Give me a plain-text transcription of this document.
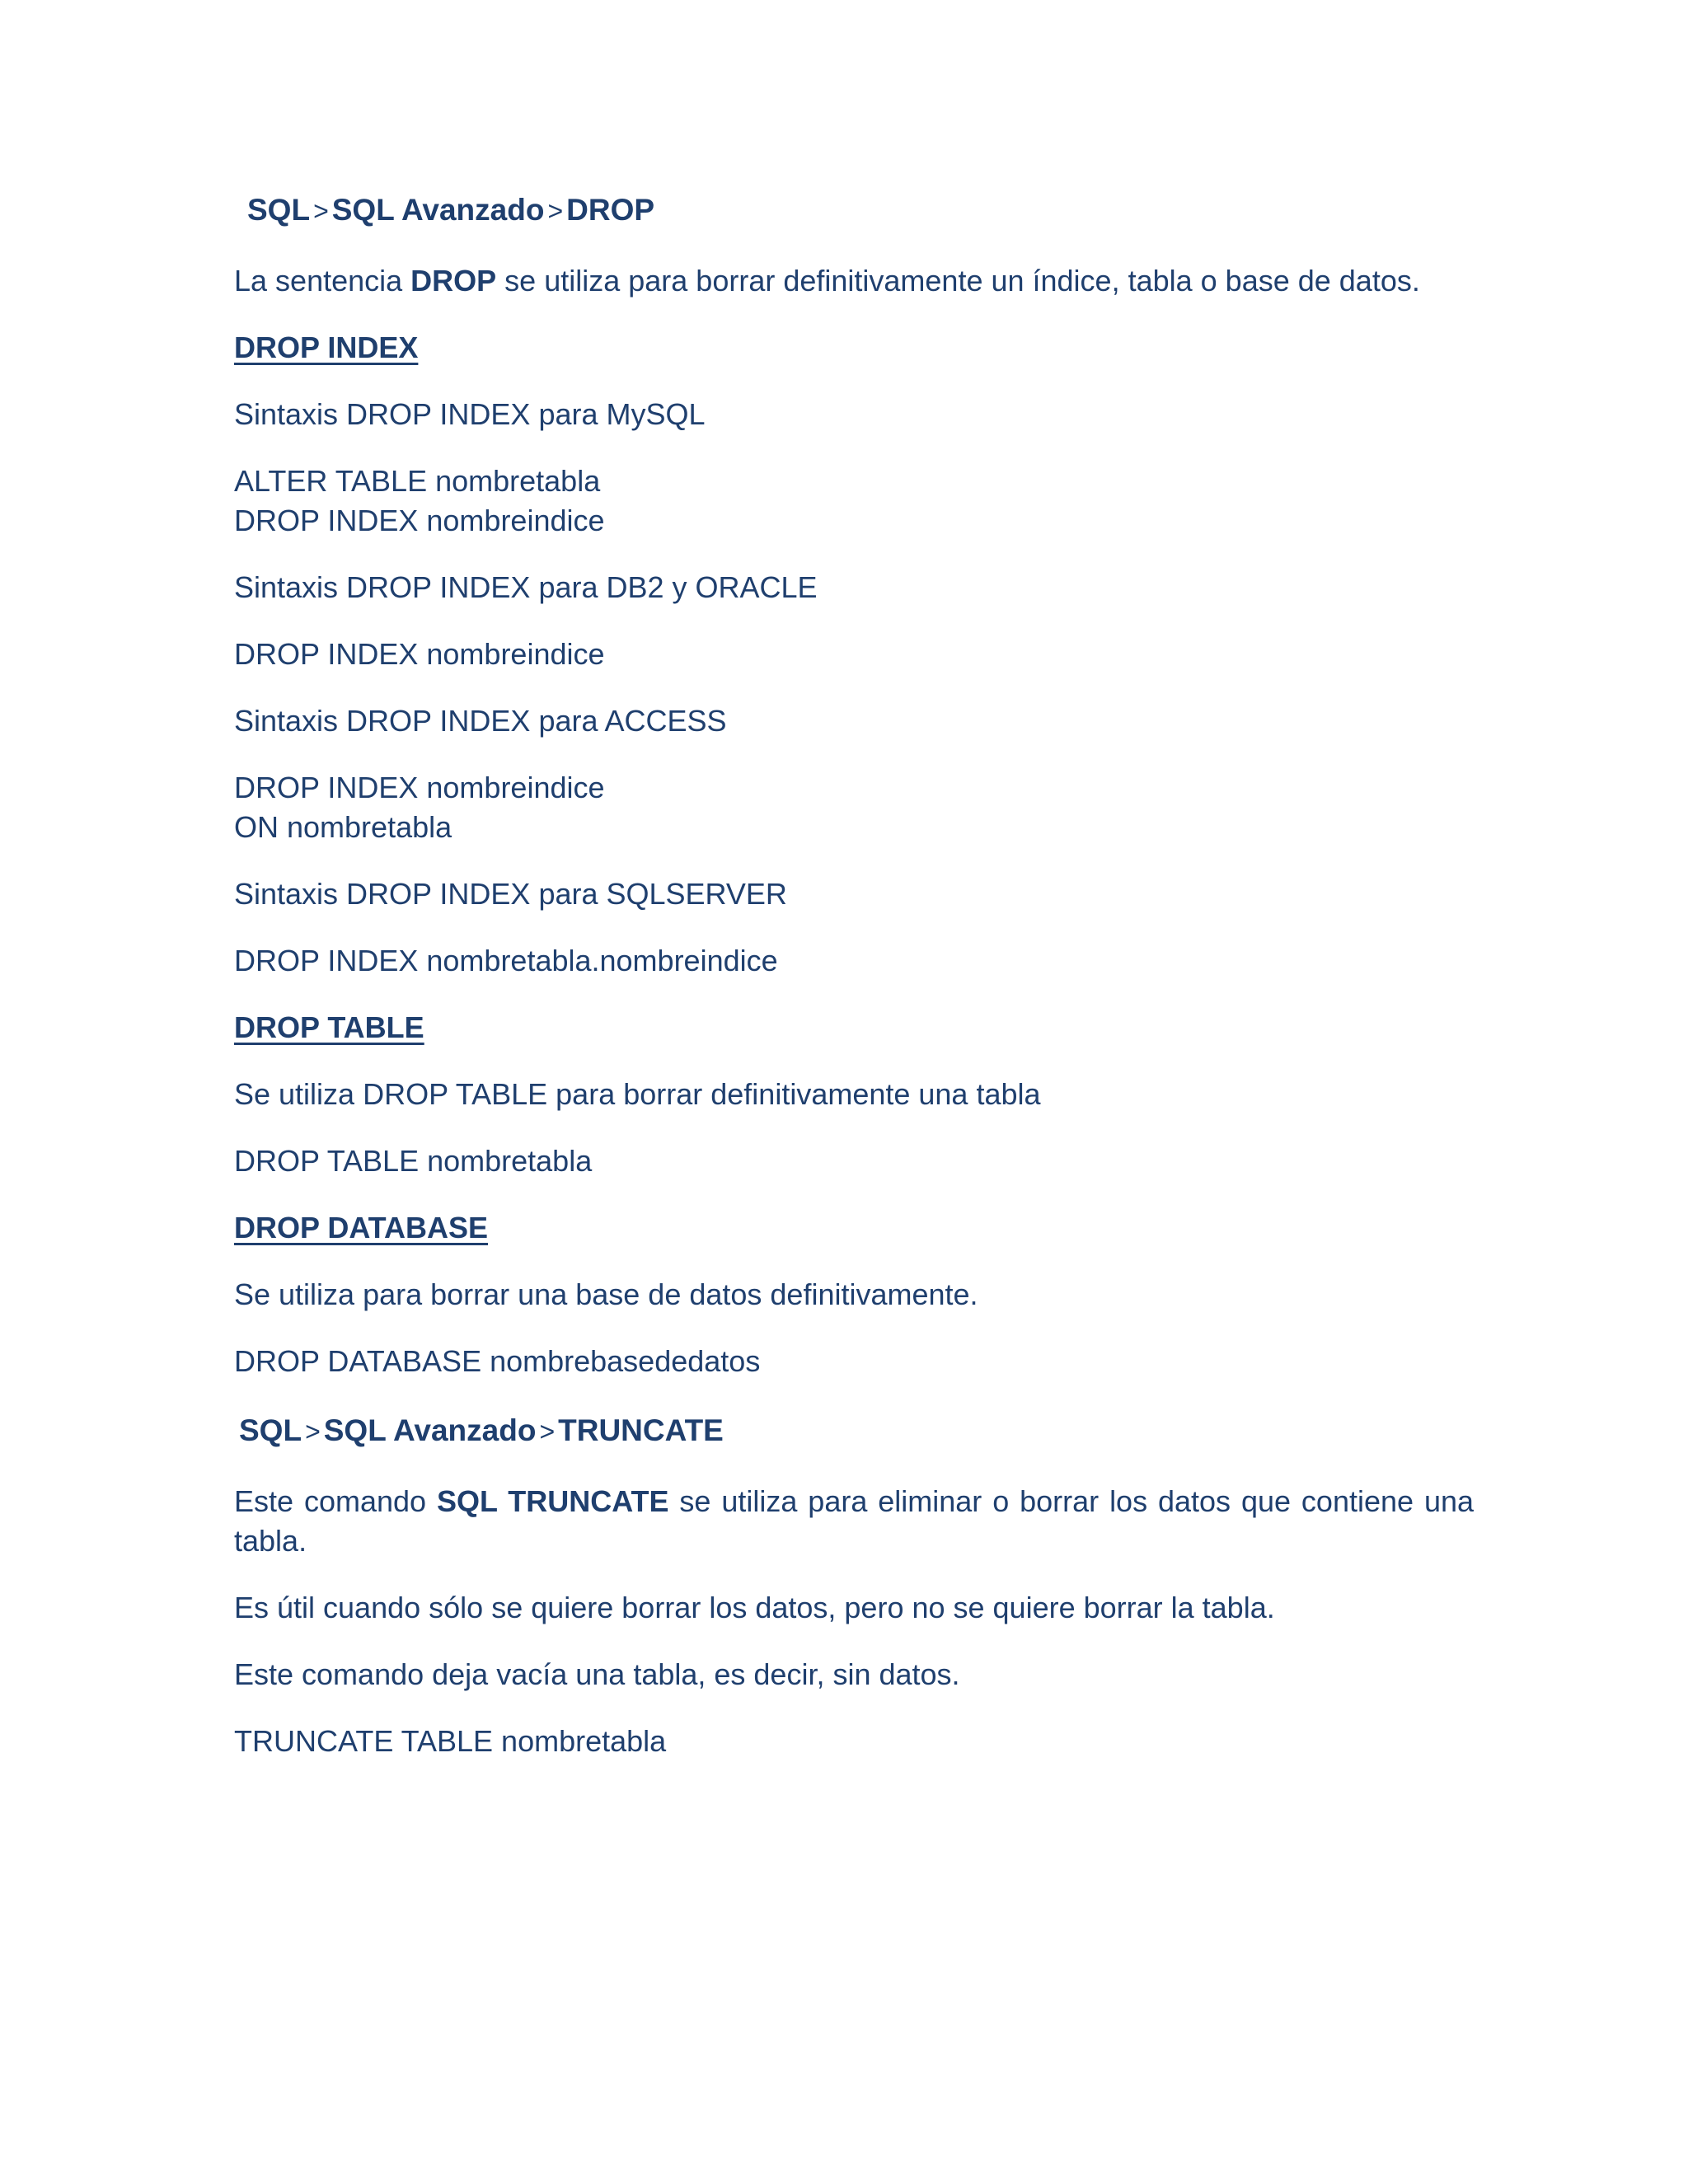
SQL > SQL Avanzado > DROP

La sentencia DROP se utiliza para borrar definitivamente un índice, tabla o base de datos.

DROP INDEX

Sintaxis DROP INDEX para MySQL

ALTER TABLE nombretabla

DROP INDEX nombreindice

Sintaxis DROP INDEX para DB2 y ORACLE

DROP INDEX nombreindice

Sintaxis DROP INDEX para ACCESS

DROP INDEX nombreindice

ON nombretabla

Sintaxis DROP INDEX para SQLSERVER

DROP INDEX nombretabla.nombreindice

DROP TABLE

Se utiliza DROP TABLE para borrar definitivamente una tabla

DROP TABLE nombretabla

DROP DATABASE

Se utiliza para borrar una base de datos definitivamente.

DROP DATABASE nombrebasededatos

SQL > SQL Avanzado > TRUNCATE

Este comando SQL TRUNCATE se utiliza para eliminar o borrar los datos que contiene una tabla.

Es útil cuando sólo se quiere borrar los datos, pero no se quiere borrar la tabla.

Este comando deja vacía una tabla, es decir, sin datos.

TRUNCATE TABLE nombretabla
